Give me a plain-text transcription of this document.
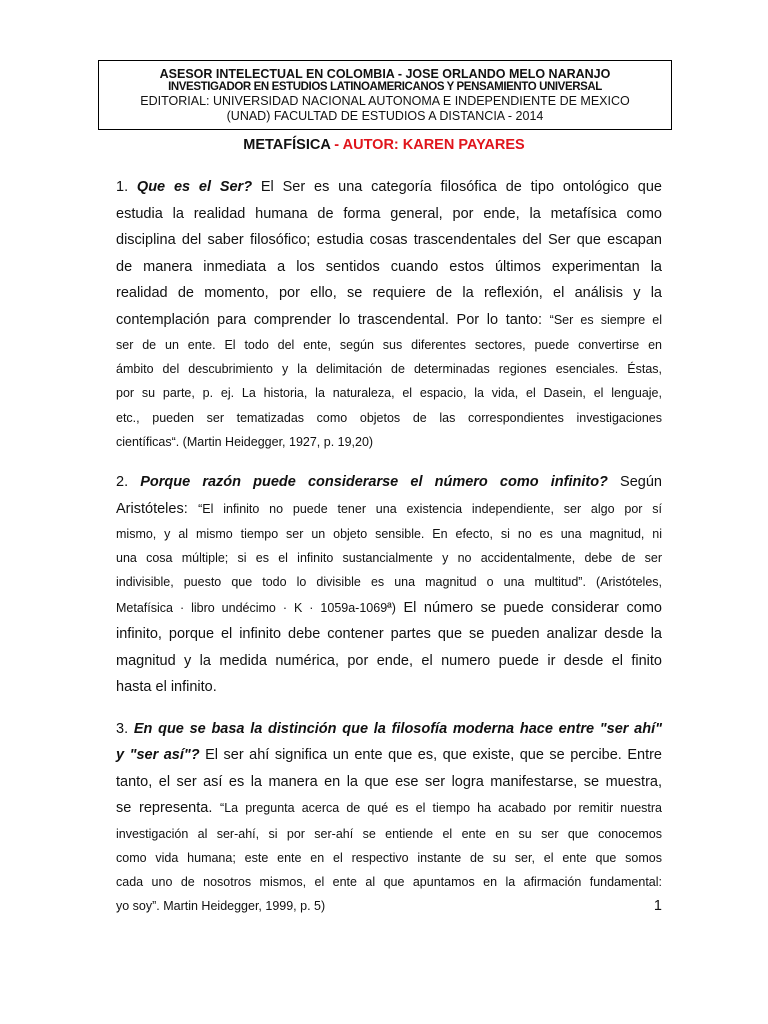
ASESOR INTELECTUAL EN COLOMBIA - JOSE ORLANDO MELO NARANJO
INVESTIGADOR EN ESTUDIOS LATINOAMERICANOS Y PENSAMIENTO UNIVERSAL
EDITORIAL: UNIVERSIDAD NACIONAL AUTONOMA E INDEPENDIENTE DE MEXICO
(UNAD) FACULTAD DE ESTUDIOS A DISTANCIA - 2014
METAFÍSICA - AUTOR: KAREN PAYARES

1. Que es el Ser? El Ser es una categoría filosófica de tipo ontológico que

estudia la realidad humana de forma general, por ende, la metafísica como

disciplina del saber filosófico; estudia cosas trascendentales del Ser que escapan

de manera inmediata a los sentidos cuando estos últimos experimentan la

realidad de momento, por ello, se requiere de la reflexión, el análisis y la

contemplación para comprender lo trascendental. Por lo tanto: “Ser es siempre el

ser de un ente. El todo del ente, según sus diferentes sectores, puede convertirse en

ámbito del descubrimiento y la delimitación de determinadas regiones esenciales. Éstas,

por su parte, p. ej. La historia, la naturaleza, el espacio, la vida, el Dasein, el lenguaje,

etc., pueden ser tematizadas como objetos de las correspondientes investigaciones

científicas“. (Martin Heidegger, 1927, p. 19,20)

2. Porque razón puede considerarse el número como infinito? Según

Aristóteles: “El infinito no puede tener una existencia independiente, ser algo por sí

mismo, y al mismo tiempo ser un objeto sensible. En efecto, si no es una magnitud, ni

una cosa múltiple; si es el infinito sustancialmente y no accidentalmente, debe de ser

indivisible, puesto que todo lo divisible es una magnitud o una multitud”. (Aristóteles,

Metafísica · libro undécimo · K · 1059a-1069ª) El número se puede considerar como

infinito, porque el infinito debe contener partes que se pueden analizar desde la

magnitud y la medida numérica, por ende, el numero puede ir desde el finito

hasta el infinito.

3. En que se basa la distinción que la filosofía moderna hace entre "ser ahí"

y "ser así"? El ser ahí significa un ente que es, que existe, que se percibe. Entre

tanto, el ser así es la manera en la que ese ser logra manifestarse, se muestra,

se representa. “La pregunta acerca de qué es el tiempo ha acabado por remitir nuestra

investigación al ser-ahí, si por ser-ahí se entiende el ente en su ser que conocemos

como vida humana; este ente en el respectivo instante de su ser, el ente que somos

cada uno de nosotros mismos, el ente al que apuntamos en la afirmación fundamental:

yo soy”. Martin Heidegger, 1999, p. 5)	1
